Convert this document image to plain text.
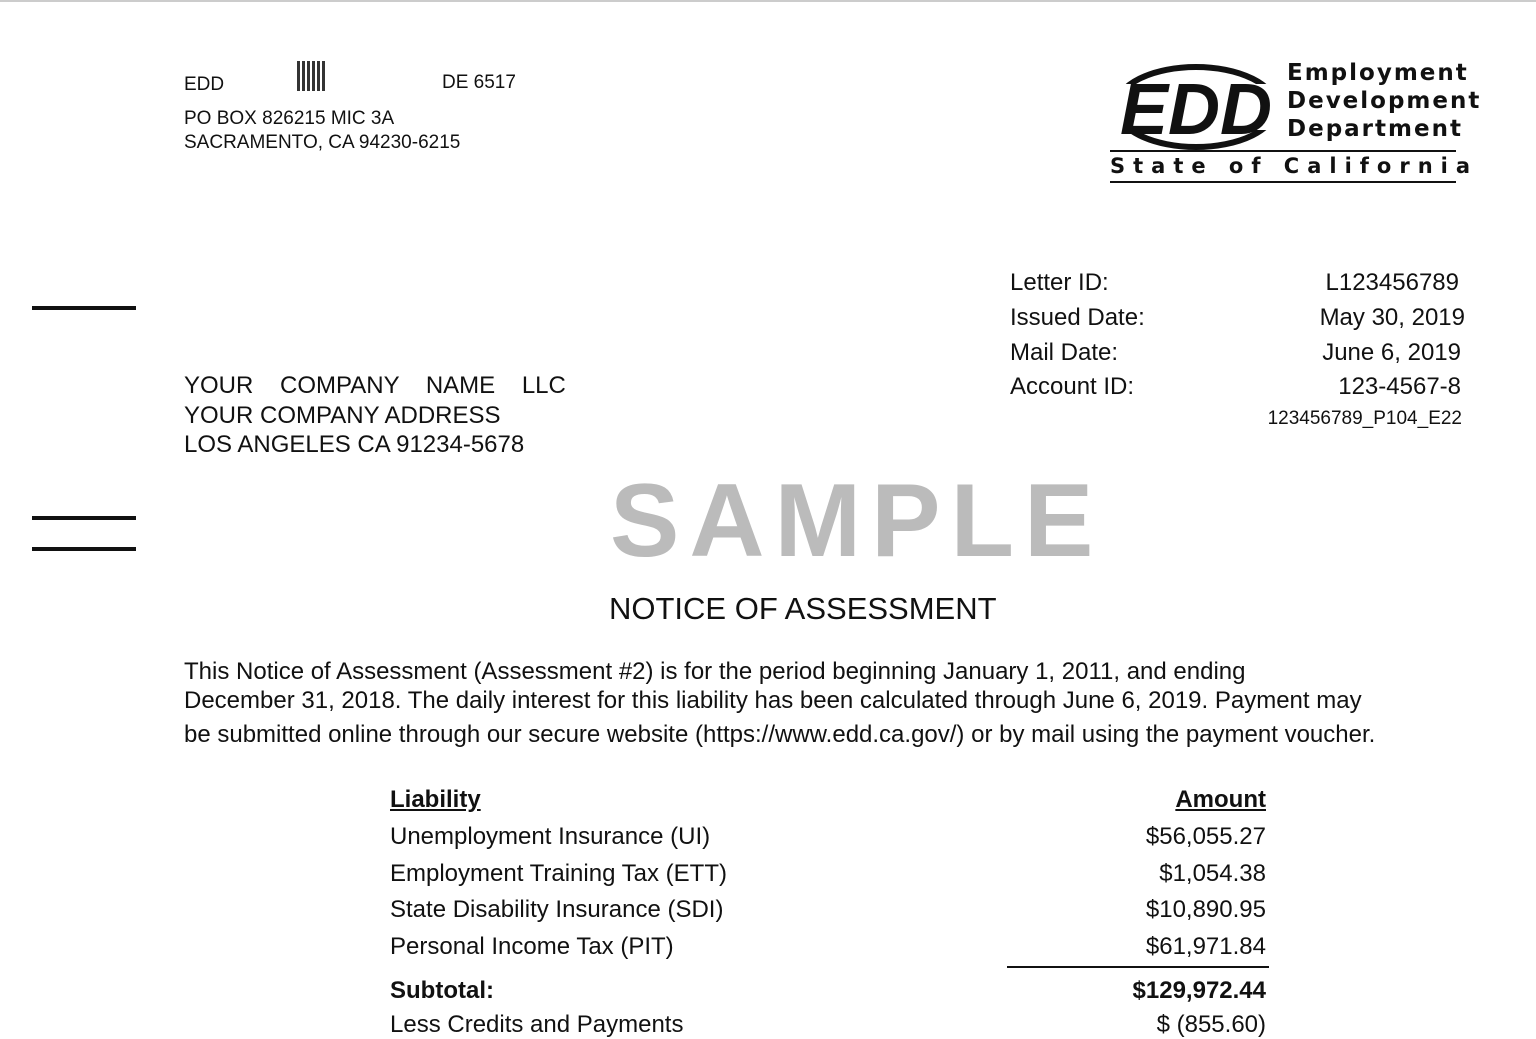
EDD	DE 6517
PO BOX 826215 MIC 3A
SACRAMENTO, CA 94230-6215	EDD Employment
Development
Department
State of California
Letter ID:	L123456789
Issued Date:	May 30, 2019
Mail Date:	June 6, 2019
Account ID:	123-4567-8
123456789_P104_E22
YOUR    COMPANY    NAME    LLC
YOUR COMPANY ADDRESS
LOS ANGELES CA 91234-5678
SAMPLE
NOTICE OF ASSESSMENT
This Notice of Assessment (Assessment #2) is for the period beginning January 1, 2011, and ending
December 31, 2018. The daily interest for this liability has been calculated through June 6, 2019. Payment may
be submitted online through our secure website (https://www.edd.ca.gov/) or by mail using the payment voucher.
Liability	Amount
Unemployment Insurance (UI)	$56,055.27
Employment Training Tax (ETT)	$1,054.38
State Disability Insurance (SDI)	$10,890.95
Personal Income Tax (PIT)	$61,971.84
Subtotal:	$129,972.44
Less Credits and Payments	$ (855.60)
